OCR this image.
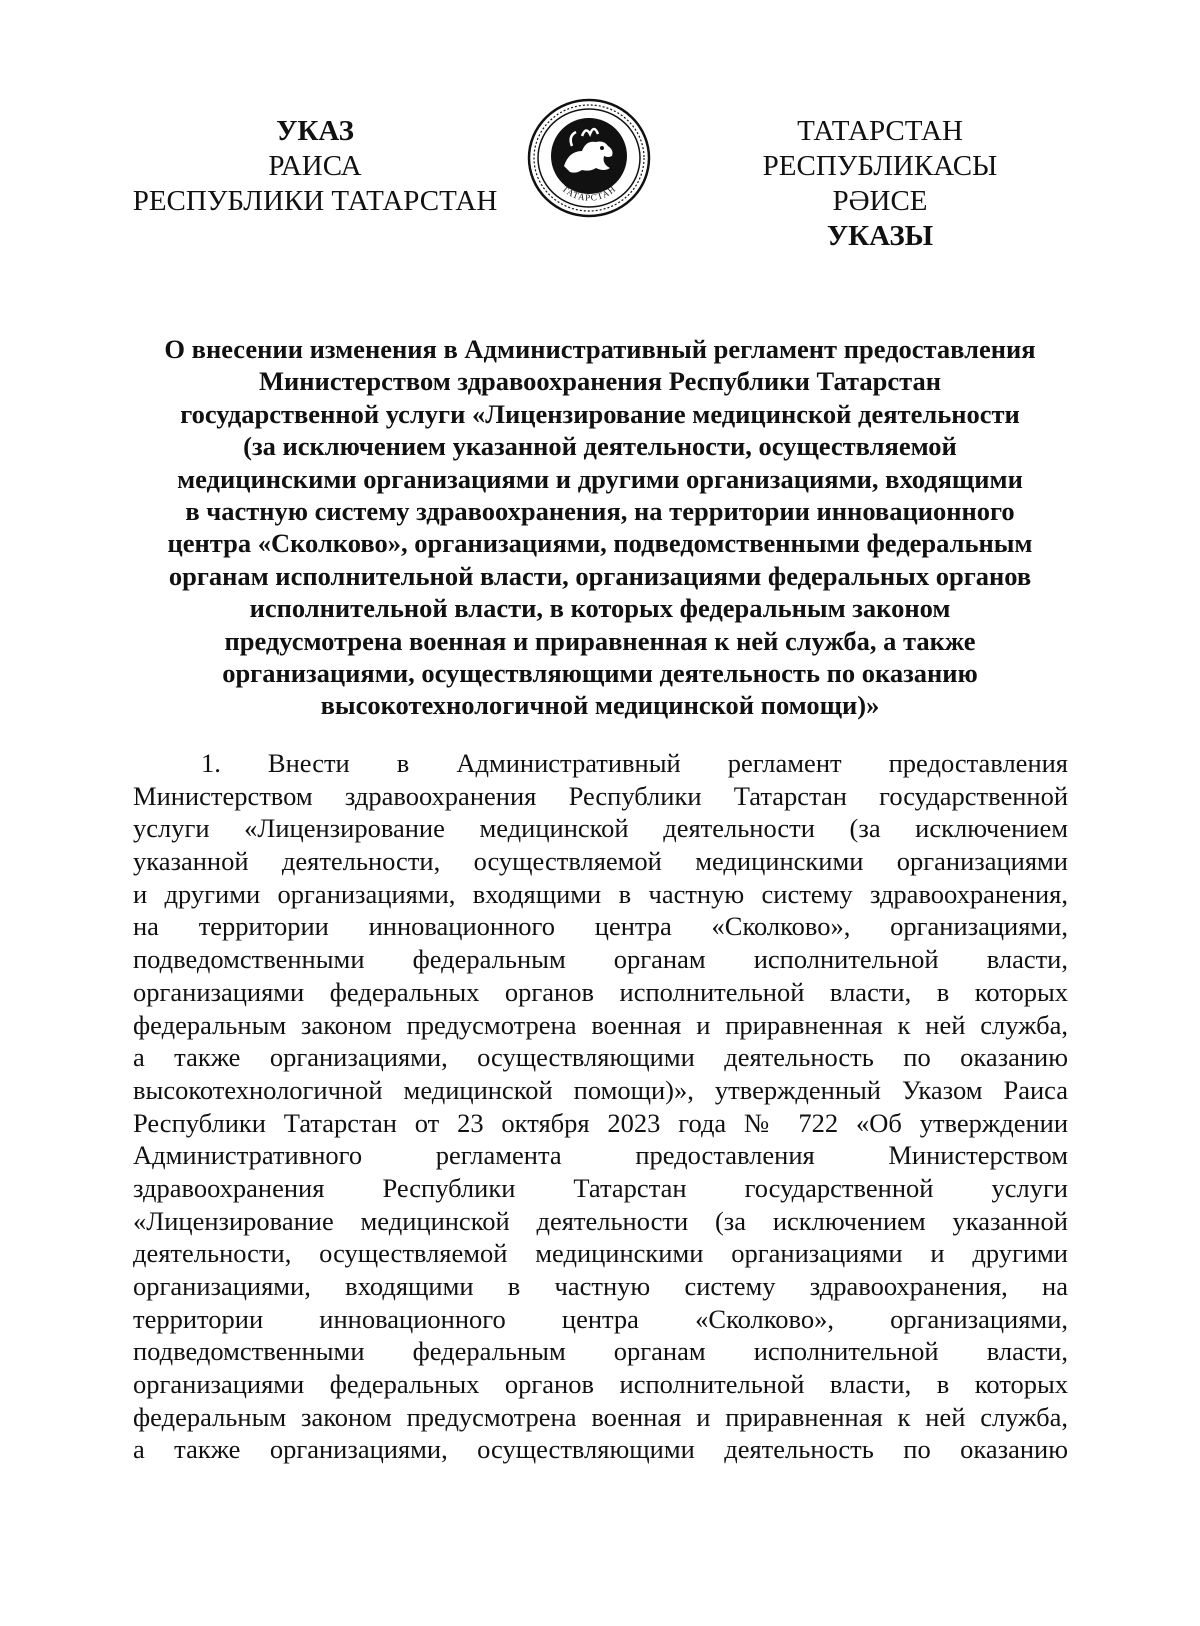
УКАЗ
РАИСА
РЕСПУБЛИКИ ТАТАРСТАН	ТАТАРСТАН
ТАТАРСТАН РЕСПУБЛИКАСЫ
РӘИСЕ
УКАЗЫ
О внесении изменения в Административный регламент предоставления
Министерством здравоохранения Республики Татарстан
государственной услуги «Лицензирование медицинской деятельности
(за исключением указанной деятельности, осуществляемой
медицинскими организациями и другими организациями, входящими
в частную систему здравоохранения, на территории инновационного
центра «Сколково», организациями, подведомственными федеральным
органам исполнительной власти, организациями федеральных органов
исполнительной власти, в которых федеральным законом
предусмотрена военная и приравненная к ней служба, а также
организациями, осуществляющими деятельность по оказанию
высокотехнологичной медицинской помощи)»
1. Внести в Административный регламент предоставления
Министерством здравоохранения Республики Татарстан государственной
услуги «Лицензирование медицинской деятельности (за исключением
указанной деятельности, осуществляемой медицинскими организациями
и другими организациями, входящими в частную систему здравоохранения,
на территории инновационного центра «Сколково», организациями,
подведомственными федеральным органам исполнительной власти,
организациями федеральных органов исполнительной власти, в которых
федеральным законом предусмотрена военная и приравненная к ней служба,
а также организациями, осуществляющими деятельность по оказанию
высокотехнологичной медицинской помощи)», утвержденный Указом Раиса
Республики Татарстан от 23 октября 2023 года № 722 «Об утверждении
Административного регламента предоставления Министерством
здравоохранения Республики Татарстан государственной услуги
«Лицензирование медицинской деятельности (за исключением указанной
деятельности, осуществляемой медицинскими организациями и другими
организациями, входящими в частную систему здравоохранения, на
территории инновационного центра «Сколково», организациями,
подведомственными федеральным органам исполнительной власти,
организациями федеральных органов исполнительной власти, в которых
федеральным законом предусмотрена военная и приравненная к ней служба,
а также организациями, осуществляющими деятельность по оказанию
